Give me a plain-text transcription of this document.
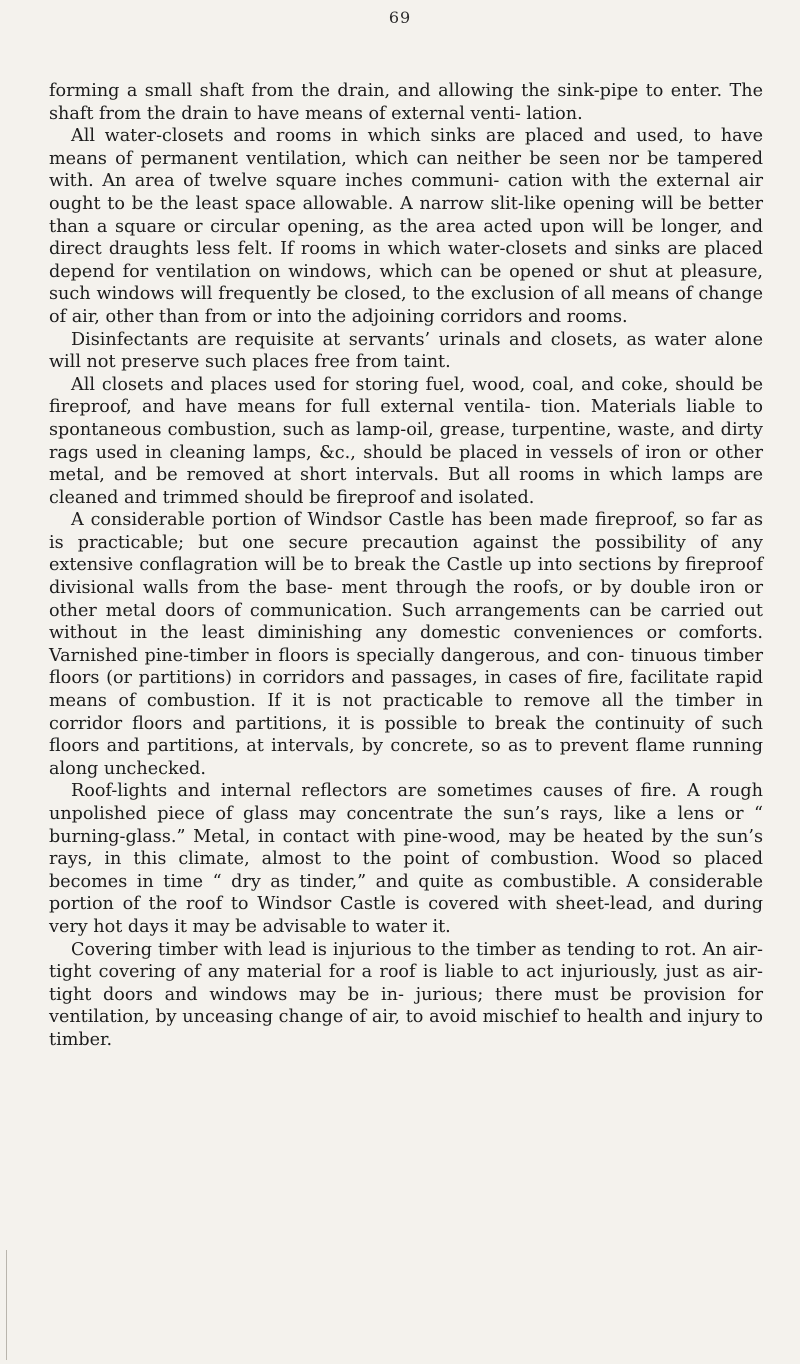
69

forming a small shaft from the drain, and allowing the sink-pipe to enter. The shaft from the drain to have means of external venti- lation.

All water-closets and rooms in which sinks are placed and used, to have means of permanent ventilation, which can neither be seen nor be tampered with. An area of twelve square inches communi- cation with the external air ought to be the least space allowable. A narrow slit-like opening will be better than a square or circular opening, as the area acted upon will be longer, and direct draughts less felt. If rooms in which water-closets and sinks are placed depend for ventilation on windows, which can be opened or shut at pleasure, such windows will frequently be closed, to the exclusion of all means of change of air, other than from or into the adjoining corridors and rooms.

Disinfectants are requisite at servants’ urinals and closets, as water alone will not preserve such places free from taint.

All closets and places used for storing fuel, wood, coal, and coke, should be fireproof, and have means for full external ventila- tion. Materials liable to spontaneous combustion, such as lamp-oil, grease, turpentine, waste, and dirty rags used in cleaning lamps, &c., should be placed in vessels of iron or other metal, and be removed at short intervals. But all rooms in which lamps are cleaned and trimmed should be fireproof and isolated.

A considerable portion of Windsor Castle has been made fireproof, so far as is practicable; but one secure precaution against the possibility of any extensive conflagration will be to break the Castle up into sections by fireproof divisional walls from the base- ment through the roofs, or by double iron or other metal doors of communication. Such arrangements can be carried out without in the least diminishing any domestic conveniences or comforts. Varnished pine-timber in floors is specially dangerous, and con- tinuous timber floors (or partitions) in corridors and passages, in cases of fire, facilitate rapid means of combustion. If it is not practicable to remove all the timber in corridor floors and partitions, it is possible to break the continuity of such floors and partitions, at intervals, by concrete, so as to prevent flame running along unchecked.

Roof-lights and internal reflectors are sometimes causes of fire. A rough unpolished piece of glass may concentrate the sun’s rays, like a lens or “ burning-glass.” Metal, in contact with pine-wood, may be heated by the sun’s rays, in this climate, almost to the point of combustion. Wood so placed becomes in time “ dry as tinder,” and quite as combustible. A considerable portion of the roof to Windsor Castle is covered with sheet-lead, and during very hot days it may be advisable to water it.

Covering timber with lead is injurious to the timber as tending to rot. An air-tight covering of any material for a roof is liable to act injuriously, just as air-tight doors and windows may be in- jurious; there must be provision for ventilation, by unceasing change of air, to avoid mischief to health and injury to timber.
